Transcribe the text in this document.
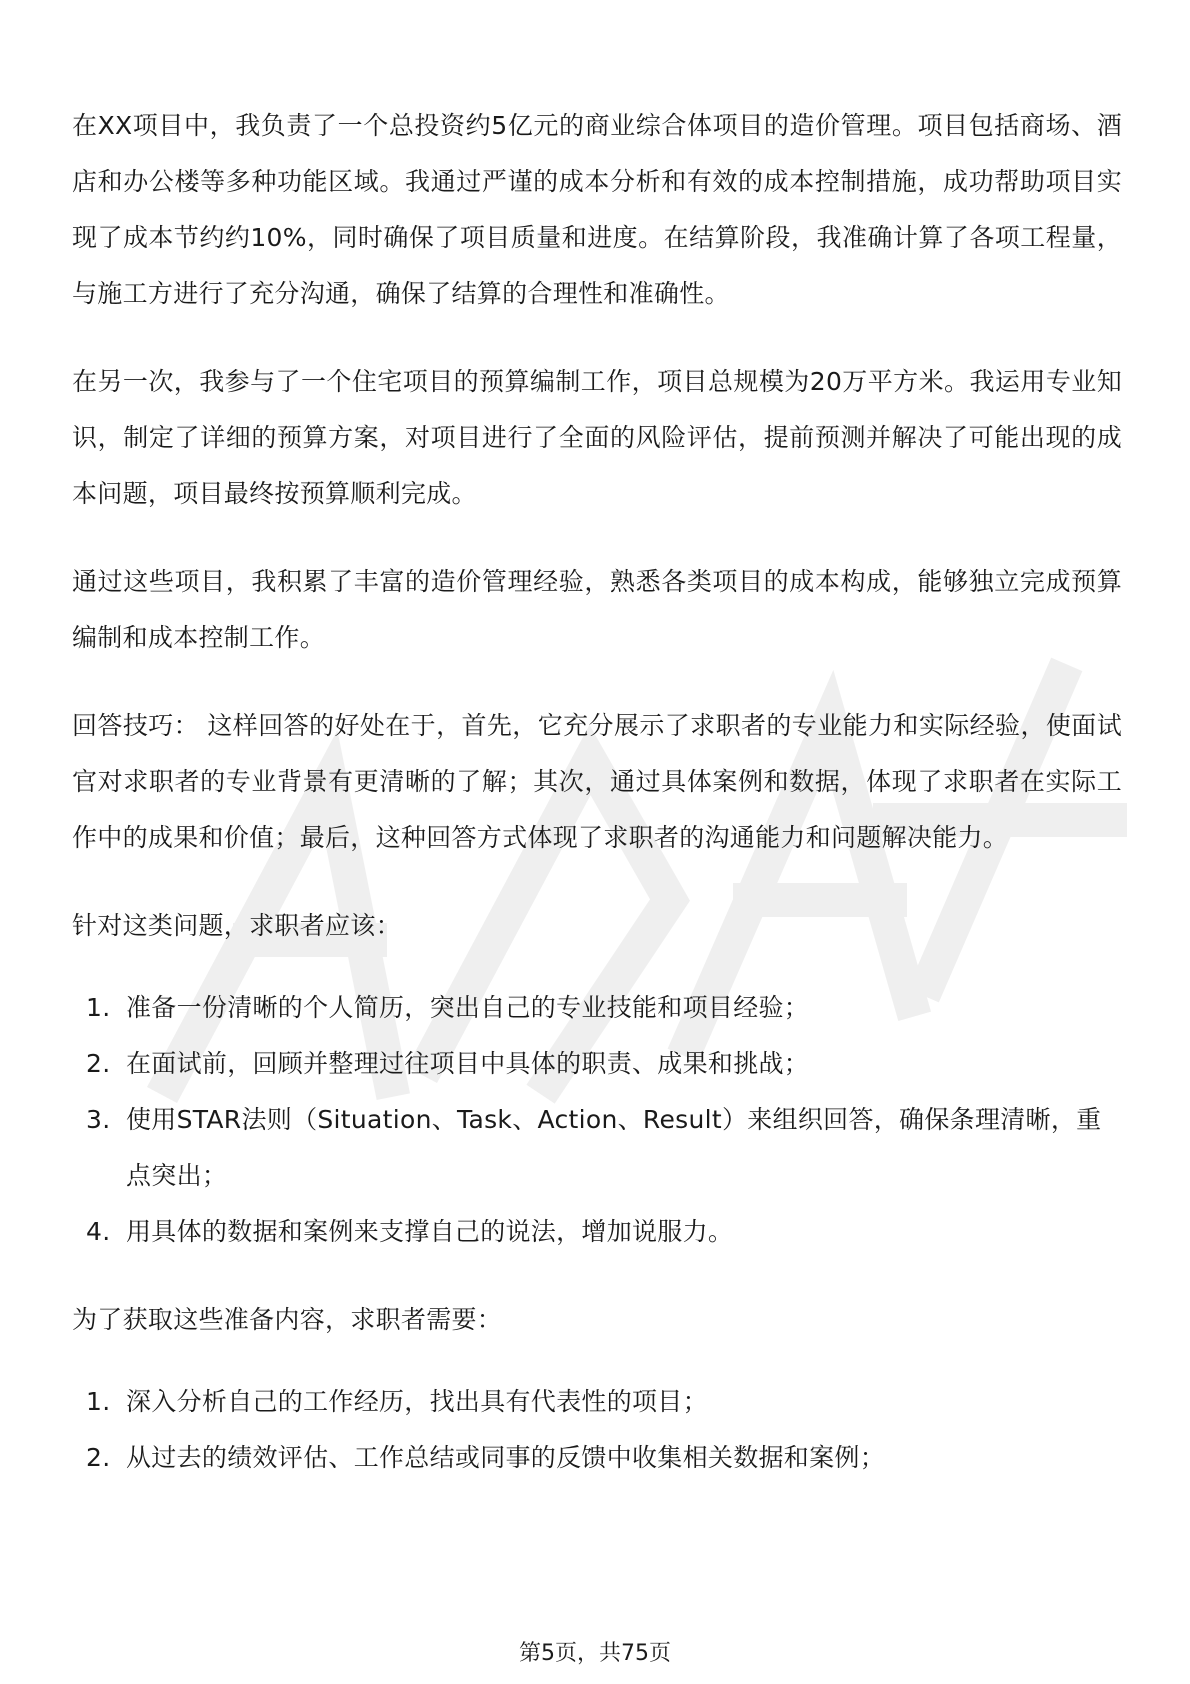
在XX项目中，我负责了一个总投资约5亿元的商业综合体项目的造价管理。项目包括商场、酒店和办公楼等多种功能区域。我通过严谨的成本分析和有效的成本控制措施，成功帮助项目实现了成本节约约10%，同时确保了项目质量和进度。在结算阶段，我准确计算了各项工程量，与施工方进行了充分沟通，确保了结算的合理性和准确性。

在另一次，我参与了一个住宅项目的预算编制工作，项目总规模为20万平方米。我运用专业知识，制定了详细的预算方案，对项目进行了全面的风险评估，提前预测并解决了可能出现的成本问题，项目最终按预算顺利完成。

通过这些项目，我积累了丰富的造价管理经验，熟悉各类项目的成本构成，能够独立完成预算编制和成本控制工作。

回答技巧： 这样回答的好处在于，首先，它充分展示了求职者的专业能力和实际经验，使面试官对求职者的专业背景有更清晰的了解；其次，通过具体案例和数据，体现了求职者在实际工作中的成果和价值；最后，这种回答方式体现了求职者的沟通能力和问题解决能力。

针对这类问题，求职者应该：

1. 准备一份清晰的个人简历，突出自己的专业技能和项目经验；
2. 在面试前，回顾并整理过往项目中具体的职责、成果和挑战；
3. 使用STAR法则（Situation、Task、Action、Result）来组织回答，确保条理清晰，重点突出；
4. 用具体的数据和案例来支撑自己的说法，增加说服力。

为了获取这些准备内容，求职者需要：

1. 深入分析自己的工作经历，找出具有代表性的项目；
2. 从过去的绩效评估、工作总结或同事的反馈中收集相关数据和案例；
第5页，共75页
